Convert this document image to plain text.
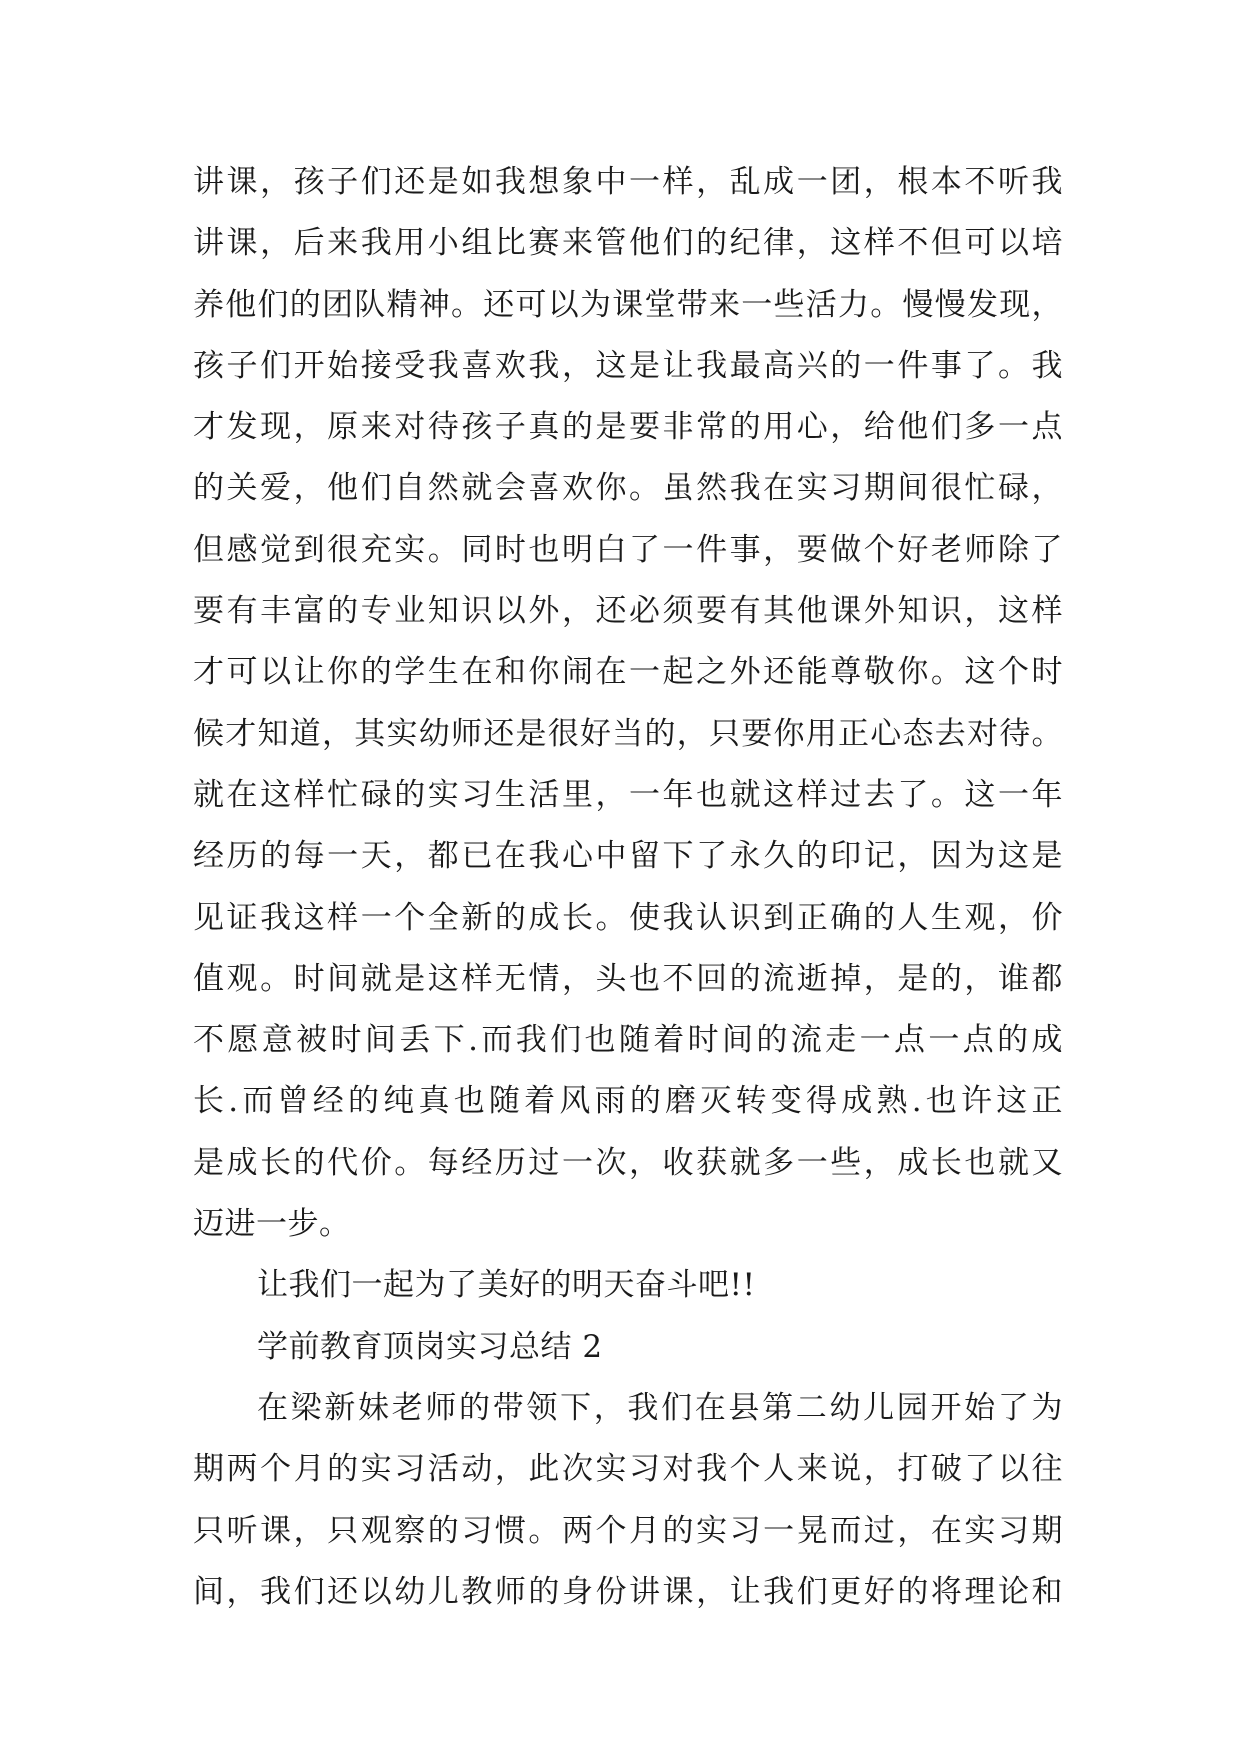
讲课，孩子们还是如我想象中一样，乱成一团，根本不听我
讲课，后来我用小组比赛来管他们的纪律，这样不但可以培
养他们的团队精神。还可以为课堂带来一些活力。慢慢发现，
孩子们开始接受我喜欢我，这是让我最高兴的一件事了。我
才发现，原来对待孩子真的是要非常的用心，给他们多一点
的关爱，他们自然就会喜欢你。虽然我在实习期间很忙碌，
但感觉到很充实。同时也明白了一件事，要做个好老师除了
要有丰富的专业知识以外，还必须要有其他课外知识，这样
才可以让你的学生在和你闹在一起之外还能尊敬你。这个时
候才知道，其实幼师还是很好当的，只要你用正心态去对待。
就在这样忙碌的实习生活里，一年也就这样过去了。这一年
经历的每一天，都已在我心中留下了永久的印记，因为这是
见证我这样一个全新的成长。使我认识到正确的人生观，价
值观。时间就是这样无情，头也不回的流逝掉，是的，谁都
不愿意被时间丢下.而我们也随着时间的流走一点一点的成
长.而曾经的纯真也随着风雨的磨灭转变得成熟.也许这正
是成长的代价。每经历过一次，收获就多一些，成长也就又
迈进一步。
让我们一起为了美好的明天奋斗吧!!
学前教育顶岗实习总结 2
在梁新妹老师的带领下，我们在县第二幼儿园开始了为
期两个月的实习活动，此次实习对我个人来说，打破了以往
只听课，只观察的习惯。两个月的实习一晃而过，在实习期
间，我们还以幼儿教师的身份讲课，让我们更好的将理论和
